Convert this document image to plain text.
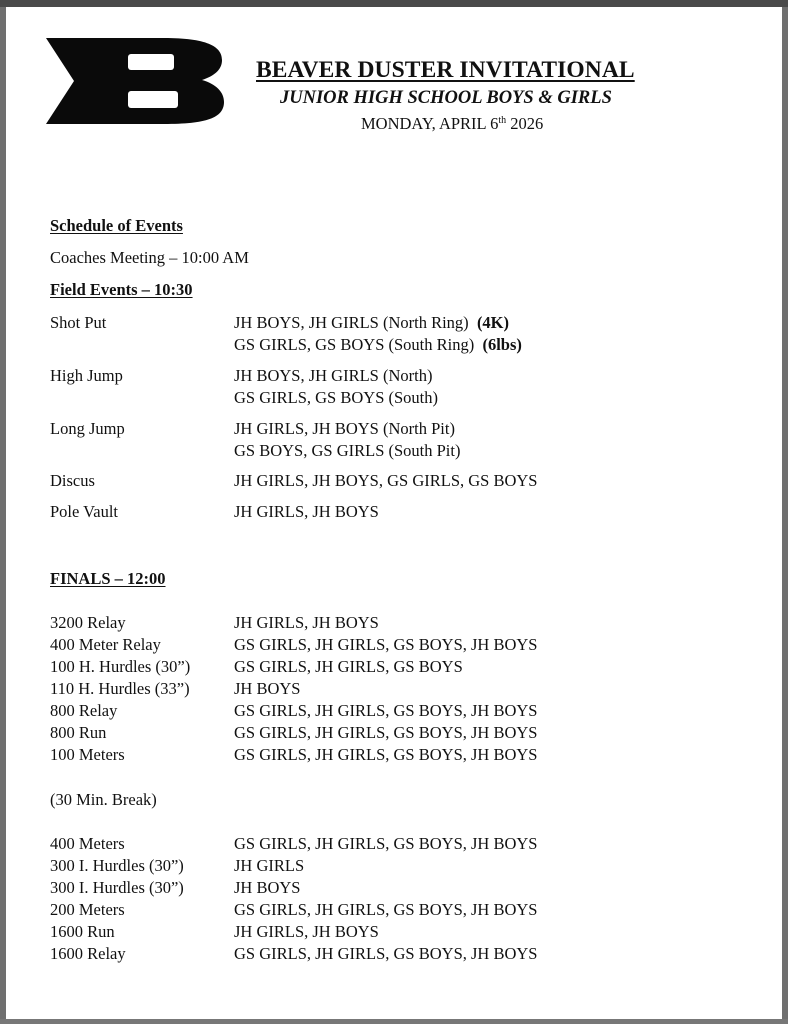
BEAVER DUSTER INVITATIONAL
JUNIOR HIGH SCHOOL BOYS & GIRLS
MONDAY, APRIL 6th 2026
Schedule of Events
Coaches Meeting – 10:00 AM
Field Events – 10:30
Shot Put	JH BOYS, JH GIRLS (North Ring) (4K)
GS GIRLS, GS BOYS (South Ring) (6lbs)
High Jump	JH BOYS, JH GIRLS (North)
GS GIRLS, GS BOYS (South)
Long Jump	JH GIRLS, JH BOYS (North Pit)
GS BOYS, GS GIRLS (South Pit)
Discus	JH GIRLS, JH BOYS, GS GIRLS, GS BOYS
Pole Vault	JH GIRLS, JH BOYS
FINALS – 12:00
3200 Relay	JH GIRLS, JH BOYS
400 Meter Relay	GS GIRLS, JH GIRLS, GS BOYS, JH BOYS
100 H. Hurdles (30”)	GS GIRLS, JH GIRLS, GS BOYS
110 H. Hurdles (33”)	JH BOYS
800 Relay	GS GIRLS, JH GIRLS, GS BOYS, JH BOYS
800 Run	GS GIRLS, JH GIRLS, GS BOYS, JH BOYS
100 Meters	GS GIRLS, JH GIRLS, GS BOYS, JH BOYS
(30 Min. Break)
400 Meters	GS GIRLS, JH GIRLS, GS BOYS, JH BOYS
300 I. Hurdles (30”)	JH GIRLS
300 I. Hurdles (30”)	JH BOYS
200 Meters	GS GIRLS, JH GIRLS, GS BOYS, JH BOYS
1600 Run	JH GIRLS, JH BOYS
1600 Relay	GS GIRLS, JH GIRLS, GS BOYS, JH BOYS
